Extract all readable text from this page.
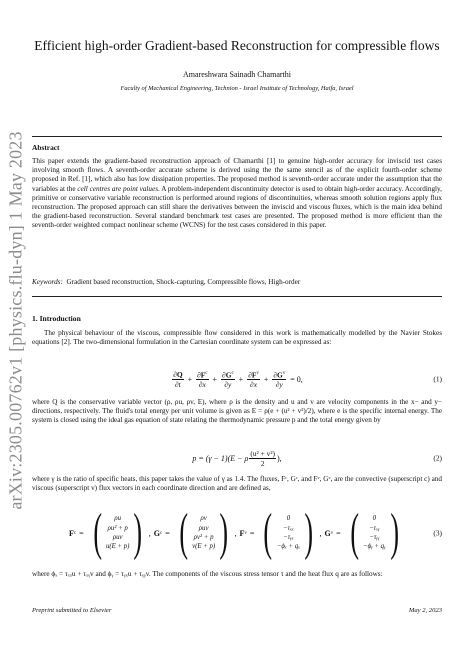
arXiv:2305.00762v1 [physics.flu-dyn] 1 May 2023
Efficient high-order Gradient-based Reconstruction for compressible flows
Amareshwara Sainadh Chamarthi
Faculty of Mechanical Engineering, Technion - Israel Institute of Technology, Haifa, Israel
Abstract
This paper extends the gradient-based reconstruction approach of Chamarthi [1] to genuine high-order accuracy for inviscid test cases involving smooth flows. A seventh-order accurate scheme is derived using the the same stencil as of the explicit fourth-order scheme proposed in Ref. [1], which also has low dissipation properties. The proposed method is seventh-order accurate under the assumption that the variables at the cell centres are point values. A problem-independent discontinuity detector is used to obtain high-order accuracy. Accordingly, primitive or conservative variable reconstruction is performed around regions of discontinuities, whereas smooth solution regions apply flux reconstruction. The proposed approach can still share the derivatives between the inviscid and viscous fluxes, which is the main idea behind the gradient-based reconstruction. Several standard benchmark test cases are presented. The proposed method is more efficient than the seventh-order weighted compact nonlinear scheme (WCNS) for the test cases considered in this paper.
Keywords: Gradient based reconstruction, Shock-capturing, Compressible flows, High-order
1. Introduction
The physical behaviour of the viscous, compressible flow considered in this work is mathematically modelled by the Navier Stokes equations [2]. The two-dimensional formulation in the Cartesian coordinate system can be expressed as:
$\frac{\partial Q}{\partial t} + \frac{\partial F^c}{\partial x} + \frac{\partial G^c}{\partial y} + \frac{\partial F^v}{\partial x} + \frac{\partial G^v}{\partial y} = 0$,	(1)
where Q is the conservative variable vector (ρ, ρu, ρv, E), where ρ is the density and u and v are velocity components in the x− and y− directions, respectively. The fluid's total energy per unit volume is given as E = ρ(e + (u² + v²)/2), where e is the specific internal energy. The system is closed using the ideal gas equation of state relating the thermodynamic pressure p and the total energy given by
p = (γ − 1)(E − ρ $\frac{\text{(u² + v²)}}{2}$ ),	(2)
where γ is the ratio of specific heats, this paper takes the value of γ as 1.4. The fluxes, Fᶜ, Gᶜ, and Fᵛ, Gᵛ, are the convective (superscript c) and viscous (superscript v) flux vectors in each coordinate direction and are defined as,
F c = ( ρu
ρu² + p
ρuv
u(E + p) ) , G c = ( ρv
ρuv
ρv² + p
v(E + p) ) , F v = ( 0
−τₓₓ
−τᵧₓ
−ϕₓ + qₓ ) , G v = ( 0
−τₓᵧ
−τᵧᵧ
−ϕᵧ + qᵧ )	(3)
where ϕₓ = τₓₓu + τₓᵧv and ϕᵧ = τᵧₓu + τᵧᵧv. The components of the viscous stress tensor τ and the heat flux q are as follows:
Preprint submitted to Elsevier	May 2, 2023
